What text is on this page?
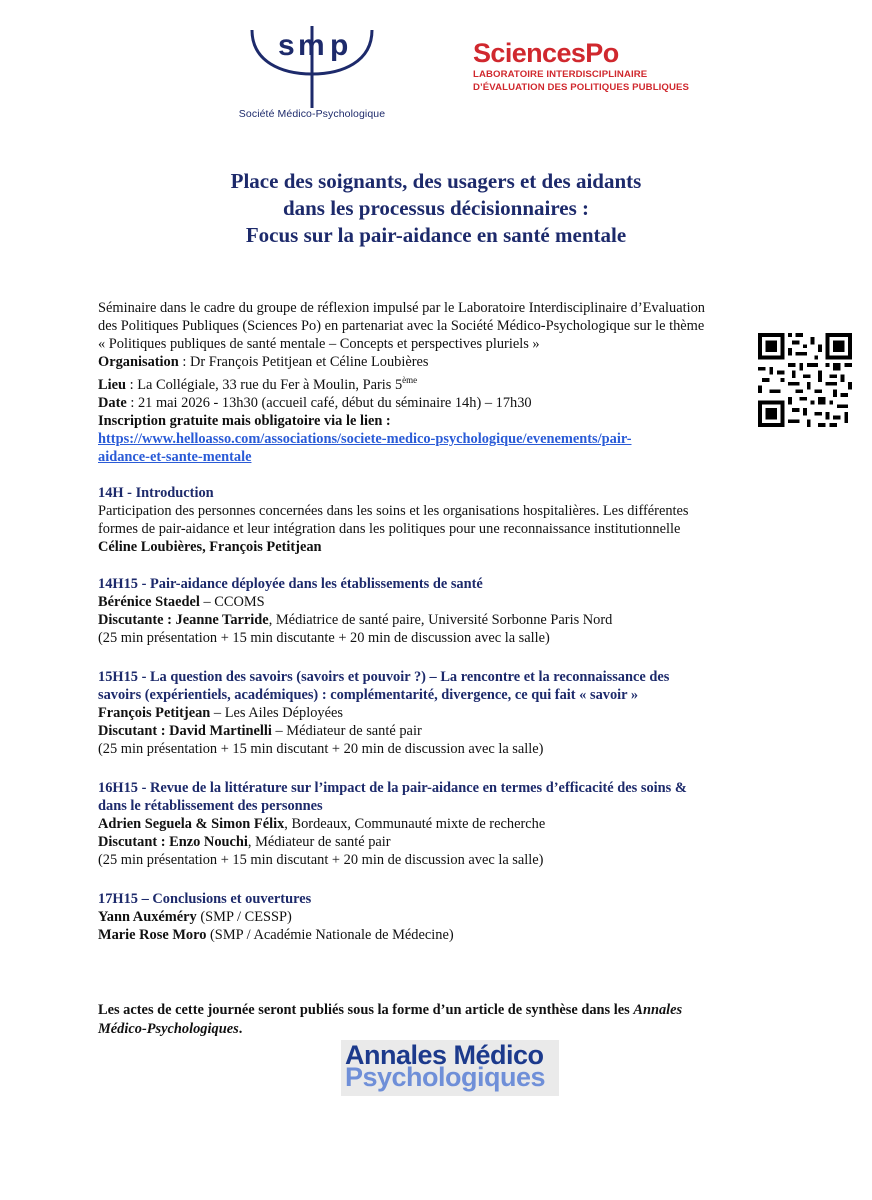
s m p
Société Médico-Psychologique
SciencesPo
LABORATOIRE INTERDISCIPLINAIRE
D’ÉVALUATION DES POLITIQUES PUBLIQUES
Place des soignants, des usagers et des aidants
dans les processus décisionnaires :
Focus sur la pair-aidance en santé mentale
Séminaire dans le cadre du groupe de réflexion impulsé par le Laboratoire Interdisciplinaire d’Evaluation
des Politiques Publiques (Sciences Po) en partenariat avec la Société Médico-Psychologique sur le thème
« Politiques publiques de santé mentale – Concepts et perspectives pluriels »
Organisation : Dr François Petitjean et Céline Loubières
Lieu : La Collégiale, 33 rue du Fer à Moulin, Paris 5ème
Date : 21 mai 2026 - 13h30 (accueil café, début du séminaire 14h) – 17h30
Inscription gratuite mais obligatoire via le lien :
https://www.helloasso.com/associations/societe-medico-psychologique/evenements/pair-
aidance-et-sante-mentale
14H - Introduction
Participation des personnes concernées dans les soins et les organisations hospitalières. Les différentes
formes de pair-aidance et leur intégration dans les politiques pour une reconnaissance institutionnelle
Céline Loubières, François Petitjean
14H15 - Pair-aidance déployée dans les établissements de santé
Bérénice Staedel – CCOMS
Discutante : Jeanne Tarride, Médiatrice de santé paire, Université Sorbonne Paris Nord
(25 min présentation + 15 min discutante + 20 min de discussion avec la salle)
15H15 - La question des savoirs (savoirs et pouvoir ?) – La rencontre et la reconnaissance des
savoirs (expérientiels, académiques) : complémentarité, divergence, ce qui fait « savoir »
François Petitjean – Les Ailes Déployées
Discutant : David Martinelli – Médiateur de santé pair
(25 min présentation + 15 min discutant + 20 min de discussion avec la salle)
16H15 - Revue de la littérature sur l’impact de la pair-aidance en termes d’efficacité des soins &
dans le rétablissement des personnes
Adrien Seguela & Simon Félix, Bordeaux, Communauté mixte de recherche
Discutant : Enzo Nouchi, Médiateur de santé pair
(25 min présentation + 15 min discutant + 20 min de discussion avec la salle)
17H15 – Conclusions et ouvertures
Yann Auxéméry (SMP / CESSP)
Marie Rose Moro (SMP / Académie Nationale de Médecine)
Les actes de cette journée seront publiés sous la forme d’un article de synthèse dans les Annales
Médico-Psychologiques.
Annales Médico
Psychologiques
